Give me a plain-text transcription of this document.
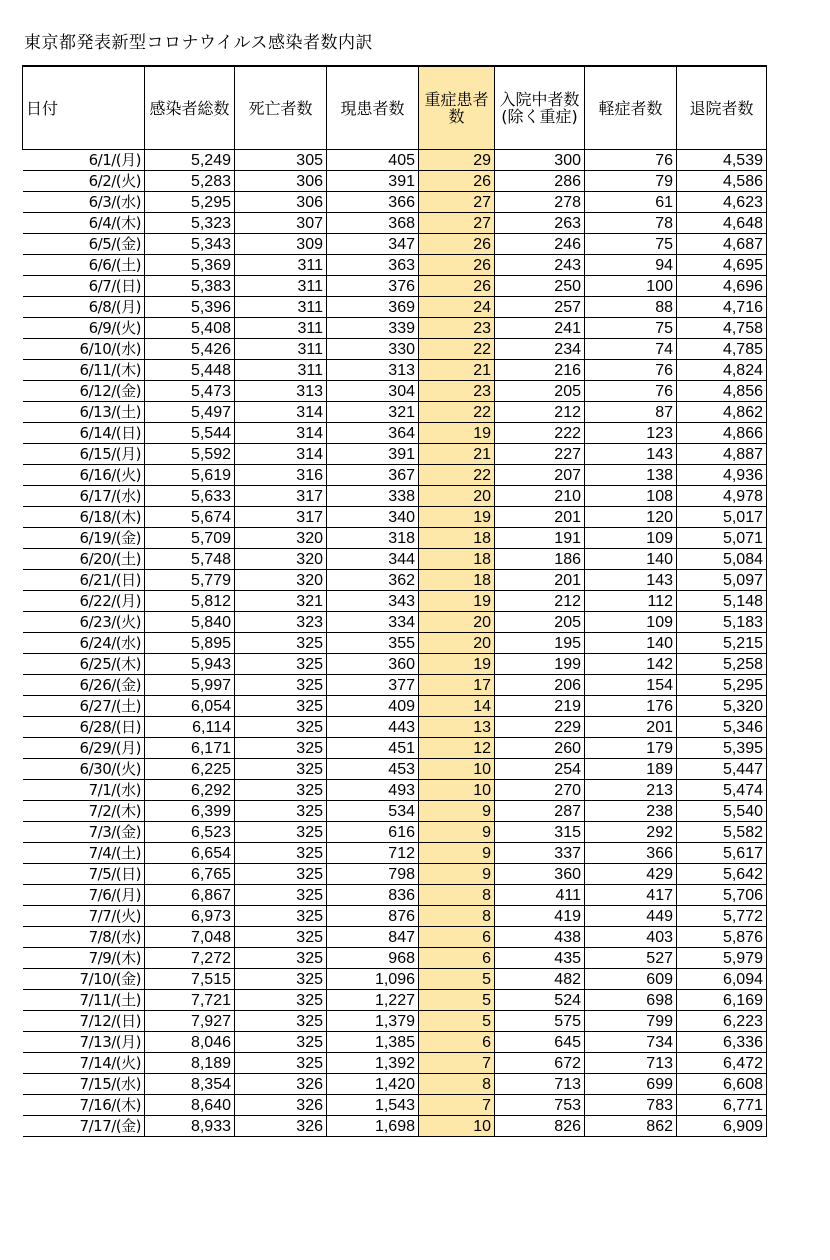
東京都発表新型コロナウイルス感染者数内訳
日付	感染者総数	死亡者数	現患者数	重症患者数	入院中者数(除く重症)	軽症者数	退院者数
6/1/(月)	5,249	305	405	29	300	76	4,539
6/2/(火)	5,283	306	391	26	286	79	4,586
6/3/(水)	5,295	306	366	27	278	61	4,623
6/4/(木)	5,323	307	368	27	263	78	4,648
6/5/(金)	5,343	309	347	26	246	75	4,687
6/6/(土)	5,369	311	363	26	243	94	4,695
6/7/(日)	5,383	311	376	26	250	100	4,696
6/8/(月)	5,396	311	369	24	257	88	4,716
6/9/(火)	5,408	311	339	23	241	75	4,758
6/10/(水)	5,426	311	330	22	234	74	4,785
6/11/(木)	5,448	311	313	21	216	76	4,824
6/12/(金)	5,473	313	304	23	205	76	4,856
6/13/(土)	5,497	314	321	22	212	87	4,862
6/14/(日)	5,544	314	364	19	222	123	4,866
6/15/(月)	5,592	314	391	21	227	143	4,887
6/16/(火)	5,619	316	367	22	207	138	4,936
6/17/(水)	5,633	317	338	20	210	108	4,978
6/18/(木)	5,674	317	340	19	201	120	5,017
6/19/(金)	5,709	320	318	18	191	109	5,071
6/20/(土)	5,748	320	344	18	186	140	5,084
6/21/(日)	5,779	320	362	18	201	143	5,097
6/22/(月)	5,812	321	343	19	212	112	5,148
6/23/(火)	5,840	323	334	20	205	109	5,183
6/24/(水)	5,895	325	355	20	195	140	5,215
6/25/(木)	5,943	325	360	19	199	142	5,258
6/26/(金)	5,997	325	377	17	206	154	5,295
6/27/(土)	6,054	325	409	14	219	176	5,320
6/28/(日)	6,114	325	443	13	229	201	5,346
6/29/(月)	6,171	325	451	12	260	179	5,395
6/30/(火)	6,225	325	453	10	254	189	5,447
7/1/(水)	6,292	325	493	10	270	213	5,474
7/2/(木)	6,399	325	534	9	287	238	5,540
7/3/(金)	6,523	325	616	9	315	292	5,582
7/4/(土)	6,654	325	712	9	337	366	5,617
7/5/(日)	6,765	325	798	9	360	429	5,642
7/6/(月)	6,867	325	836	8	411	417	5,706
7/7/(火)	6,973	325	876	8	419	449	5,772
7/8/(水)	7,048	325	847	6	438	403	5,876
7/9/(木)	7,272	325	968	6	435	527	5,979
7/10/(金)	7,515	325	1,096	5	482	609	6,094
7/11/(土)	7,721	325	1,227	5	524	698	6,169
7/12/(日)	7,927	325	1,379	5	575	799	6,223
7/13/(月)	8,046	325	1,385	6	645	734	6,336
7/14/(火)	8,189	325	1,392	7	672	713	6,472
7/15/(水)	8,354	326	1,420	8	713	699	6,608
7/16/(木)	8,640	326	1,543	7	753	783	6,771
7/17/(金)	8,933	326	1,698	10	826	862	6,909
